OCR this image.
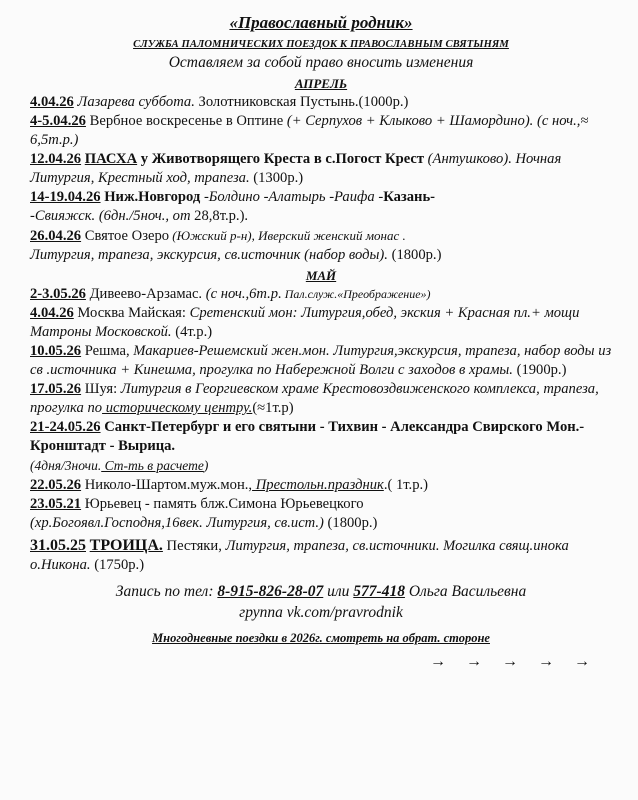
«Православный родник»
СЛУЖБА ПАЛОМНИЧЕСКИХ ПОЕЗДОК К ПРАВОСЛАВНЫМ СВЯТЫНЯМ
Оставляем за собой право вносить изменения
АПРЕЛЬ

4.04.26 Лазарева суббота. Золотниковская Пустынь.(1000р.)

4-5.04.26 Вербное воскресенье в Оптине (+ Серпухов + Клыково + Шамордино). (с ноч.,≈ 6,5т.р.)

12.04.26 ПАСХА у Животворящего Креста в с.Погост Крест (Антушково). Ночная Литургия, Крестный ход, трапеза. (1300р.)

14-19.04.26 Ниж.Новгород -Болдино -Алатырь -Раифа -Казань-
-Свияжск. (6дн./5ноч., от 28,8т.р.).

26.04.26 Святое Озеро (Южский р-н), Иверский женский монас .
Литургия, трапеза, экскурсия, св.источник (набор воды). (1800р.)

МАЙ

2-3.05.26 Дивеево-Арзамас. (с ноч.,6т.р. Пал.служ.«Преображение»)

4.04.26 Москва Майская: Сретенский мон: Литургия,обед, экския + Красная пл.+ мощи Матроны Московской. (4т.р.)

10.05.26 Решма, Макариев-Решемский жен.мон. Литургия,экскурсия, трапеза, набор воды из св .источника + Кинешма, прогулка по Набережной Волги с заходов в храмы. (1900р.)

17.05.26 Шуя: Литургия в Георгиевском храме Крестовоздвиженского комплекса, трапеза, прогулка по историческому центру.(≈1т.р)

21-24.05.26 Санкт-Петербург и его святыни - Тихвин - Александра Свирского Мон.- Кронштадт - Вырица.
(4дня/3ночи. Ст-ть в расчете)

22.05.26 Николо-Шартом.муж.мон., Престольн.праздник.( 1т.р.)

23.05.21 Юрьевец - память блж.Симона Юрьевецкого
(хр.Богоявл.Господня,16век. Литургия, св.ист.) (1800р.)

31.05.25 ТРОИЦА. Пестяки, Литургия, трапеза, св.источники. Могилка свящ.инока о.Никона. (1750р.)

Запись по тел: 8-915-826-28-07 или 577-418 Ольга Васильевна
группа vk.com/pravrodnik
Многодневные поездки в 2026г. смотреть на обрат. стороне
→ → → → →
